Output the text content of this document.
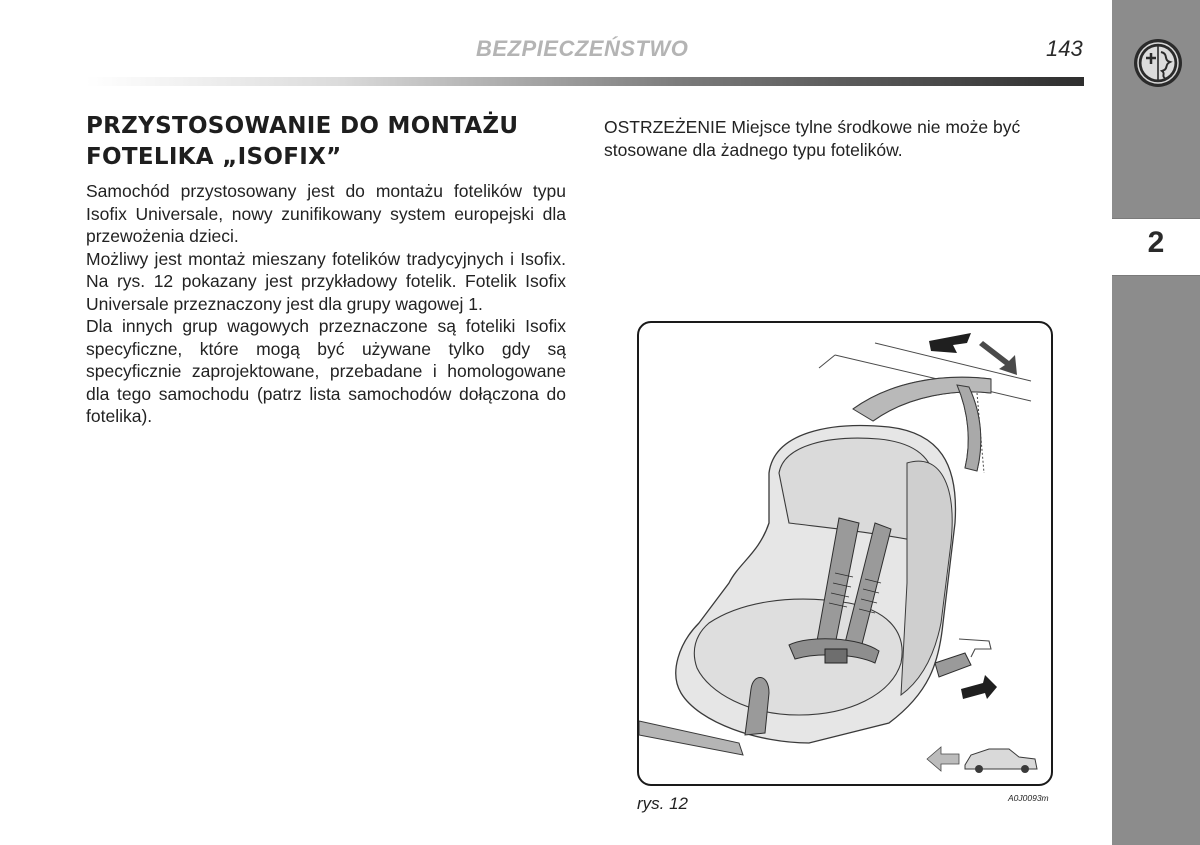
2
BEZPIECZEŃSTWO	143
PRZYSTOSOWANIE DO MONTAŻU
FOTELIKA „ISOFIX”

Samochód przystosowany jest do montażu fotelików typu Isofix Universale, nowy zunifikowany system europejski dla przewożenia dzieci.

Możliwy jest montaż mieszany fotelików tradycyjnych i Isofix. Na rys. 12 pokazany jest przykładowy fotelik. Fotelik Isofix Universale przeznaczony jest dla grupy wagowej 1.

Dla innych grup wagowych przeznaczone są foteliki Isofix specyficzne, które mogą być używane tylko gdy są specyficznie zaprojektowane, przebadane i homologowane dla tego samochodu (patrz lista samochodów dołączona do fotelika).

OSTRZEŻENIE Miejsce tylne środkowe nie może być stosowane dla żadnego typu fotelików.

rys. 12	A0J0093m
